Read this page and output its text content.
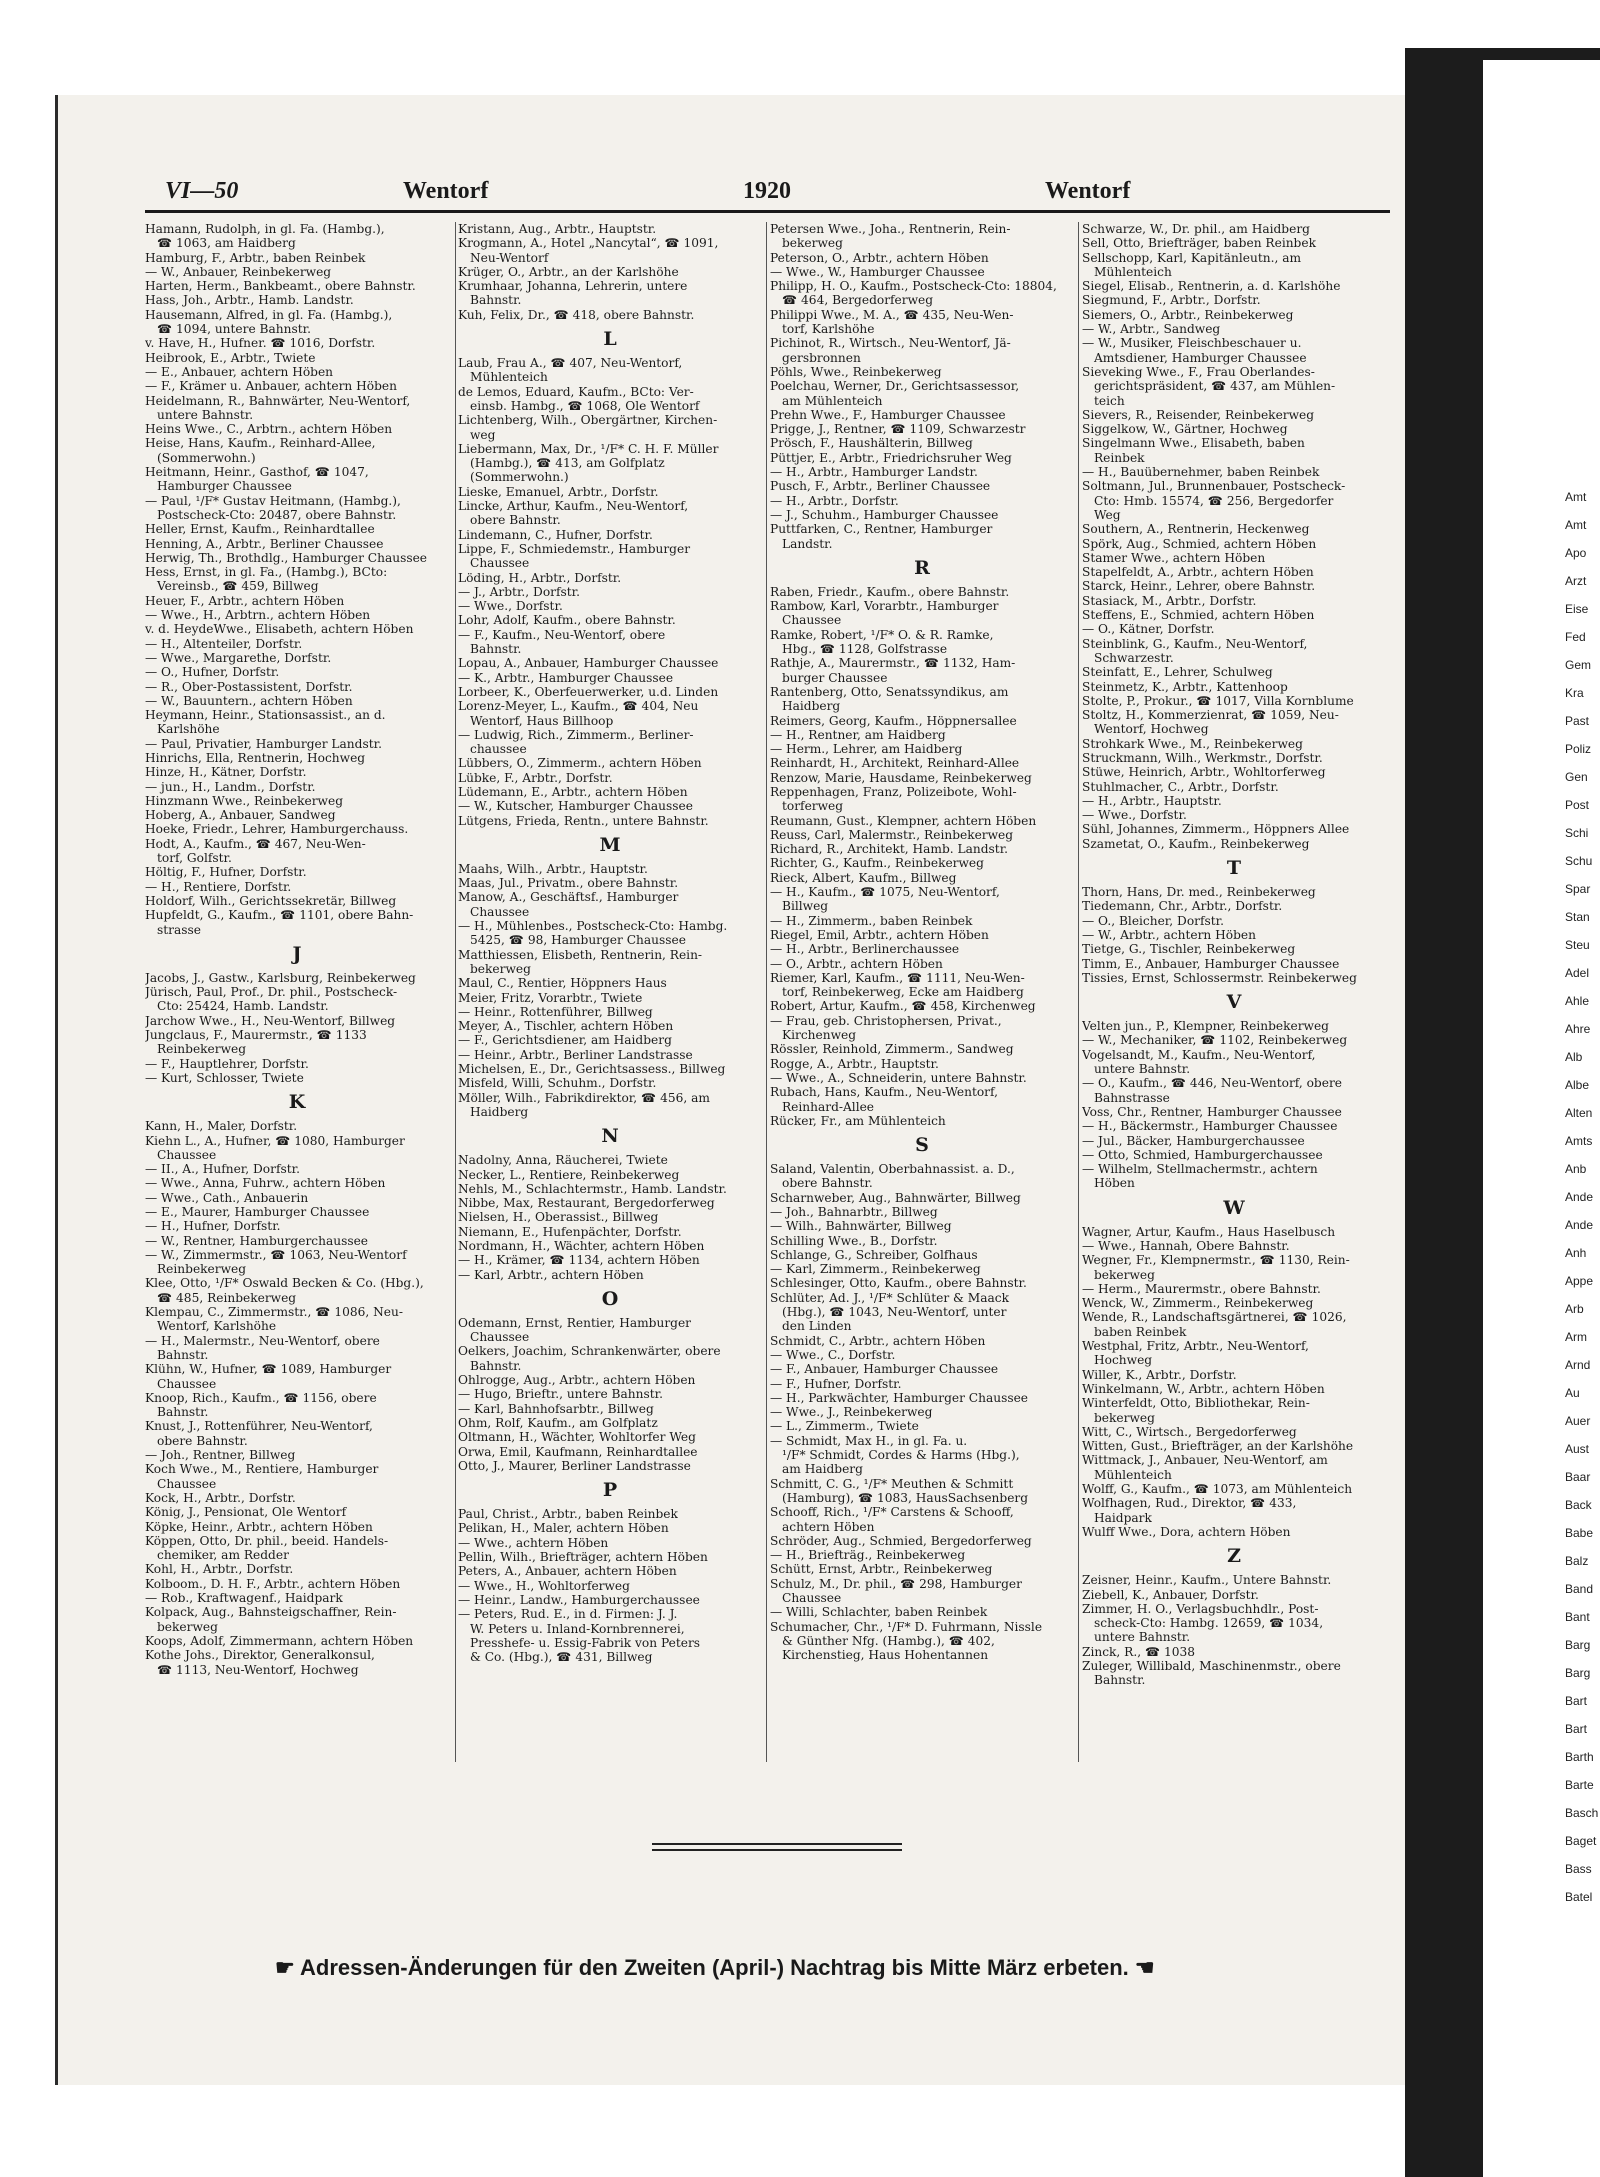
VI—50	Wentorf	1920	Wentorf
Hamann, Rudolph, in gl. Fa. (Hambg.),
☎ 1063, am Haidberg
Hamburg, F., Arbtr., baben Reinbek
— W., Anbauer, Reinbekerweg
Harten, Herm., Bankbeamt., obere Bahnstr.
Hass, Joh., Arbtr., Hamb. Landstr.
Hausemann, Alfred, in gl. Fa. (Hambg.),
☎ 1094, untere Bahnstr.
v. Have, H., Hufner. ☎ 1016, Dorfstr.
Heibrook, E., Arbtr., Twiete
— E., Anbauer, achtern Höben
— F., Krämer u. Anbauer, achtern Höben
Heidelmann, R., Bahnwärter, Neu-Wentorf,
untere Bahnstr.
Heins Wwe., C., Arbtrn., achtern Höben
Heise, Hans, Kaufm., Reinhard-Allee,
(Sommerwohn.)
Heitmann, Heinr., Gasthof, ☎ 1047,
Hamburger Chaussee
— Paul, ¹/F* Gustav Heitmann, (Hambg.),
Postscheck-Cto: 20487, obere Bahnstr.
Heller, Ernst, Kaufm., Reinhardtallee
Henning, A., Arbtr., Berliner Chaussee
Herwig, Th., Brothdlg., Hamburger Chaussee
Hess, Ernst, in gl. Fa., (Hambg.), BCto:
Vereinsb., ☎ 459, Billweg
Heuer, F., Arbtr., achtern Höben
— Wwe., H., Arbtrn., achtern Höben
v. d. HeydeWwe., Elisabeth, achtern Höben
— H., Altenteiler, Dorfstr.
— Wwe., Margarethe, Dorfstr.
— O., Hufner, Dorfstr.
— R., Ober-Postassistent, Dorfstr.
— W., Bauuntern., achtern Höben
Heymann, Heinr., Stationsassist., an d.
Karlshöhe
— Paul, Privatier, Hamburger Landstr.
Hinrichs, Ella, Rentnerin, Hochweg
Hinze, H., Kätner, Dorfstr.
— jun., H., Landm., Dorfstr.
Hinzmann Wwe., Reinbekerweg
Hoberg, A., Anbauer, Sandweg
Hoeke, Friedr., Lehrer, Hamburgerchauss.
Hodt, A., Kaufm., ☎ 467, Neu-Wen-
torf, Golfstr.
Höltig, F., Hufner, Dorfstr.
— H., Rentiere, Dorfstr.
Holdorf, Wilh., Gerichtssekretär, Billweg
Hupfeldt, G., Kaufm., ☎ 1101, obere Bahn-
strasse
J
Jacobs, J., Gastw., Karlsburg, Reinbekerweg
Jürisch, Paul, Prof., Dr. phil., Postscheck-
Cto: 25424, Hamb. Landstr.
Jarchow Wwe., H., Neu-Wentorf, Billweg
Jungclaus, F., Maurermstr., ☎ 1133
Reinbekerweg
— F., Hauptlehrer, Dorfstr.
— Kurt, Schlosser, Twiete
K
Kann, H., Maler, Dorfstr.
Kiehn L., A., Hufner, ☎ 1080, Hamburger
Chaussee
— II., A., Hufner, Dorfstr.
— Wwe., Anna, Fuhrw., achtern Höben
— Wwe., Cath., Anbauerin
— E., Maurer, Hamburger Chaussee
— H., Hufner, Dorfstr.
— W., Rentner, Hamburgerchaussee
— W., Zimmermstr., ☎ 1063, Neu-Wentorf
Reinbekerweg
Klee, Otto, ¹/F* Oswald Becken & Co. (Hbg.),
☎ 485, Reinbekerweg
Klempau, C., Zimmermstr., ☎ 1086, Neu-
Wentorf, Karlshöhe
— H., Malermstr., Neu-Wentorf, obere
Bahnstr.
Klühn, W., Hufner, ☎ 1089, Hamburger
Chaussee
Knoop, Rich., Kaufm., ☎ 1156, obere
Bahnstr.
Knust, J., Rottenführer, Neu-Wentorf,
obere Bahnstr.
— Joh., Rentner, Billweg
Koch Wwe., M., Rentiere, Hamburger
Chaussee
Kock, H., Arbtr., Dorfstr.
König, J., Pensionat, Ole Wentorf
Köpke, Heinr., Arbtr., achtern Höben
Köppen, Otto, Dr. phil., beeid. Handels-
chemiker, am Redder
Kohl, H., Arbtr., Dorfstr.
Kolboom., D. H. F., Arbtr., achtern Höben
— Rob., Kraftwagenf., Haidpark
Kolpack, Aug., Bahnsteigschaffner, Rein-
bekerweg
Koops, Adolf, Zimmermann, achtern Höben
Kothe Johs., Direktor, Generalkonsul,
☎ 1113, Neu-Wentorf, Hochweg
Kristann, Aug., Arbtr., Hauptstr.
Krogmann, A., Hotel „Nancytal“, ☎ 1091,
Neu-Wentorf
Krüger, O., Arbtr., an der Karlshöhe
Krumhaar, Johanna, Lehrerin, untere
Bahnstr.
Kuh, Felix, Dr., ☎ 418, obere Bahnstr.
L
Laub, Frau A., ☎ 407, Neu-Wentorf,
Mühlenteich
de Lemos, Eduard, Kaufm., BCto: Ver-
einsb. Hambg., ☎ 1068, Ole Wentorf
Lichtenberg, Wilh., Obergärtner, Kirchen-
weg
Liebermann, Max, Dr., ¹/F* C. H. F. Müller
(Hambg.), ☎ 413, am Golfplatz
(Sommerwohn.)
Lieske, Emanuel, Arbtr., Dorfstr.
Lincke, Arthur, Kaufm., Neu-Wentorf,
obere Bahnstr.
Lindemann, C., Hufner, Dorfstr.
Lippe, F., Schmiedemstr., Hamburger
Chaussee
Löding, H., Arbtr., Dorfstr.
— J., Arbtr., Dorfstr.
— Wwe., Dorfstr.
Lohr, Adolf, Kaufm., obere Bahnstr.
— F., Kaufm., Neu-Wentorf, obere
Bahnstr.
Lopau, A., Anbauer, Hamburger Chaussee
— K., Arbtr., Hamburger Chaussee
Lorbeer, K., Oberfeuerwerker, u.d. Linden
Lorenz-Meyer, L., Kaufm., ☎ 404, Neu
Wentorf, Haus Billhoop
— Ludwig, Rich., Zimmerm., Berliner-
chaussee
Lübbers, O., Zimmerm., achtern Höben
Lübke, F., Arbtr., Dorfstr.
Lüdemann, E., Arbtr., achtern Höben
— W., Kutscher, Hamburger Chaussee
Lütgens, Frieda, Rentn., untere Bahnstr.
M
Maahs, Wilh., Arbtr., Hauptstr.
Maas, Jul., Privatm., obere Bahnstr.
Manow, A., Geschäftsf., Hamburger
Chaussee
— H., Mühlenbes., Postscheck-Cto: Hambg.
5425, ☎ 98, Hamburger Chaussee
Matthiessen, Elisbeth, Rentnerin, Rein-
bekerweg
Maul, C., Rentier, Höppners Haus
Meier, Fritz, Vorarbtr., Twiete
— Heinr., Rottenführer, Billweg
Meyer, A., Tischler, achtern Höben
— F., Gerichtsdiener, am Haidberg
— Heinr., Arbtr., Berliner Landstrasse
Michelsen, E., Dr., Gerichtsassess., Billweg
Misfeld, Willi, Schuhm., Dorfstr.
Möller, Wilh., Fabrikdirektor, ☎ 456, am
Haidberg
N
Nadolny, Anna, Räucherei, Twiete
Necker, L., Rentiere, Reinbekerweg
Nehls, M., Schlachtermstr., Hamb. Landstr.
Nibbe, Max, Restaurant, Bergedorferweg
Nielsen, H., Oberassist., Billweg
Niemann, E., Hufenpächter, Dorfstr.
Nordmann, H., Wächter, achtern Höben
— H., Krämer, ☎ 1134, achtern Höben
— Karl, Arbtr., achtern Höben
O
Odemann, Ernst, Rentier, Hamburger
Chaussee
Oelkers, Joachim, Schrankenwärter, obere
Bahnstr.
Ohlrogge, Aug., Arbtr., achtern Höben
— Hugo, Brieftr., untere Bahnstr.
— Karl, Bahnhofsarbtr., Billweg
Ohm, Rolf, Kaufm., am Golfplatz
Oltmann, H., Wächter, Wohltorfer Weg
Orwa, Emil, Kaufmann, Reinhardtallee
Otto, J., Maurer, Berliner Landstrasse
P
Paul, Christ., Arbtr., baben Reinbek
Pelikan, H., Maler, achtern Höben
— Wwe., achtern Höben
Pellin, Wilh., Briefträger, achtern Höben
Peters, A., Anbauer, achtern Höben
— Wwe., H., Wohltorferweg
— Heinr., Landw., Hamburgerchaussee
— Peters, Rud. E., in d. Firmen: J. J.
W. Peters u. Inland-Kornbrennerei,
Presshefe- u. Essig-Fabrik von Peters
& Co. (Hbg.), ☎ 431, Billweg
Petersen Wwe., Joha., Rentnerin, Rein-
bekerweg
Peterson, O., Arbtr., achtern Höben
— Wwe., W., Hamburger Chaussee
Philipp, H. O., Kaufm., Postscheck-Cto: 18804,
☎ 464, Bergedorferweg
Philippi Wwe., M. A., ☎ 435, Neu-Wen-
torf, Karlshöhe
Pichinot, R., Wirtsch., Neu-Wentorf, Jä-
gersbronnen
Pöhls, Wwe., Reinbekerweg
Poelchau, Werner, Dr., Gerichtsassessor,
am Mühlenteich
Prehn Wwe., F., Hamburger Chaussee
Prigge, J., Rentner, ☎ 1109, Schwarzestr
Prösch, F., Haushälterin, Billweg
Püttjer, E., Arbtr., Friedrichsruher Weg
— H., Arbtr., Hamburger Landstr.
Pusch, F., Arbtr., Berliner Chaussee
— H., Arbtr., Dorfstr.
— J., Schuhm., Hamburger Chaussee
Puttfarken, C., Rentner, Hamburger
Landstr.
R
Raben, Friedr., Kaufm., obere Bahnstr.
Rambow, Karl, Vorarbtr., Hamburger
Chaussee
Ramke, Robert, ¹/F* O. & R. Ramke,
Hbg., ☎ 1128, Golfstrasse
Rathje, A., Maurermstr., ☎ 1132, Ham-
burger Chaussee
Rantenberg, Otto, Senatssyndikus, am
Haidberg
Reimers, Georg, Kaufm., Höppnersallee
— H., Rentner, am Haidberg
— Herm., Lehrer, am Haidberg
Reinhardt, H., Architekt, Reinhard-Allee
Renzow, Marie, Hausdame, Reinbekerweg
Reppenhagen, Franz, Polizeibote, Wohl-
torferweg
Reumann, Gust., Klempner, achtern Höben
Reuss, Carl, Malermstr., Reinbekerweg
Richard, R., Architekt, Hamb. Landstr.
Richter, G., Kaufm., Reinbekerweg
Rieck, Albert, Kaufm., Billweg
— H., Kaufm., ☎ 1075, Neu-Wentorf,
Billweg
— H., Zimmerm., baben Reinbek
Riegel, Emil, Arbtr., achtern Höben
— H., Arbtr., Berlinerchaussee
— O., Arbtr., achtern Höben
Riemer, Karl, Kaufm., ☎ 1111, Neu-Wen-
torf, Reinbekerweg, Ecke am Haidberg
Robert, Artur, Kaufm., ☎ 458, Kirchenweg
— Frau, geb. Christophersen, Privat.,
Kirchenweg
Rössler, Reinhold, Zimmerm., Sandweg
Rogge, A., Arbtr., Hauptstr.
— Wwe., A., Schneiderin, untere Bahnstr.
Rubach, Hans, Kaufm., Neu-Wentorf,
Reinhard-Allee
Rücker, Fr., am Mühlenteich
S
Saland, Valentin, Oberbahnassist. a. D.,
obere Bahnstr.
Scharnweber, Aug., Bahnwärter, Billweg
— Joh., Bahnarbtr., Billweg
— Wilh., Bahnwärter, Billweg
Schilling Wwe., B., Dorfstr.
Schlange, G., Schreiber, Golfhaus
— Karl, Zimmerm., Reinbekerweg
Schlesinger, Otto, Kaufm., obere Bahnstr.
Schlüter, Ad. J., ¹/F* Schlüter & Maack
(Hbg.), ☎ 1043, Neu-Wentorf, unter
den Linden
Schmidt, C., Arbtr., achtern Höben
— Wwe., C., Dorfstr.
— F., Anbauer, Hamburger Chaussee
— F., Hufner, Dorfstr.
— H., Parkwächter, Hamburger Chaussee
— Wwe., J., Reinbekerweg
— L., Zimmerm., Twiete
— Schmidt, Max H., in gl. Fa. u.
¹/F* Schmidt, Cordes & Harms (Hbg.),
am Haidberg
Schmitt, C. G., ¹/F* Meuthen & Schmitt
(Hamburg), ☎ 1083, HausSachsenberg
Schooff, Rich., ¹/F* Carstens & Schooff,
achtern Höben
Schröder, Aug., Schmied, Bergedorferweg
— H., Briefträg., Reinbekerweg
Schütt, Ernst, Arbtr., Reinbekerweg
Schulz, M., Dr. phil., ☎ 298, Hamburger
Chaussee
— Willi, Schlachter, baben Reinbek
Schumacher, Chr., ¹/F* D. Fuhrmann, Nissle
& Günther Nfg. (Hambg.), ☎ 402,
Kirchenstieg, Haus Hohentannen
Schwarze, W., Dr. phil., am Haidberg
Sell, Otto, Briefträger, baben Reinbek
Sellschopp, Karl, Kapitänleutn., am
Mühlenteich
Siegel, Elisab., Rentnerin, a. d. Karlshöhe
Siegmund, F., Arbtr., Dorfstr.
Siemers, O., Arbtr., Reinbekerweg
— W., Arbtr., Sandweg
— W., Musiker, Fleischbeschauer u.
Amtsdiener, Hamburger Chaussee
Sieveking Wwe., F., Frau Oberlandes-
gerichtspräsident, ☎ 437, am Mühlen-
teich
Sievers, R., Reisender, Reinbekerweg
Siggelkow, W., Gärtner, Hochweg
Singelmann Wwe., Elisabeth, baben
Reinbek
— H., Bauübernehmer, baben Reinbek
Soltmann, Jul., Brunnenbauer, Postscheck-
Cto: Hmb. 15574, ☎ 256, Bergedorfer
Weg
Southern, A., Rentnerin, Heckenweg
Spörk, Aug., Schmied, achtern Höben
Stamer Wwe., achtern Höben
Stapelfeldt, A., Arbtr., achtern Höben
Starck, Heinr., Lehrer, obere Bahnstr.
Stasiack, M., Arbtr., Dorfstr.
Steffens, E., Schmied, achtern Höben
— O., Kätner, Dorfstr.
Steinblink, G., Kaufm., Neu-Wentorf,
Schwarzestr.
Steinfatt, E., Lehrer, Schulweg
Steinmetz, K., Arbtr., Kattenhoop
Stolte, P., Prokur., ☎ 1017, Villa Kornblume
Stoltz, H., Kommerzienrat, ☎ 1059, Neu-
Wentorf, Hochweg
Strohkark Wwe., M., Reinbekerweg
Struckmann, Wilh., Werkmstr., Dorfstr.
Stüwe, Heinrich, Arbtr., Wohltorferweg
Stuhlmacher, C., Arbtr., Dorfstr.
— H., Arbtr., Hauptstr.
— Wwe., Dorfstr.
Sühl, Johannes, Zimmerm., Höppners Allee
Szametat, O., Kaufm., Reinbekerweg
T
Thorn, Hans, Dr. med., Reinbekerweg
Tiedemann, Chr., Arbtr., Dorfstr.
— O., Bleicher, Dorfstr.
— W., Arbtr., achtern Höben
Tietge, G., Tischler, Reinbekerweg
Timm, E., Anbauer, Hamburger Chaussee
Tissies, Ernst, Schlossermstr. Reinbekerweg
V
Velten jun., P., Klempner, Reinbekerweg
— W., Mechaniker, ☎ 1102, Reinbekerweg
Vogelsandt, M., Kaufm., Neu-Wentorf,
untere Bahnstr.
— O., Kaufm., ☎ 446, Neu-Wentorf, obere
Bahnstrasse
Voss, Chr., Rentner, Hamburger Chaussee
— H., Bäckermstr., Hamburger Chaussee
— Jul., Bäcker, Hamburgerchaussee
— Otto, Schmied, Hamburgerchaussee
— Wilhelm, Stellmachermstr., achtern
Höben
W
Wagner, Artur, Kaufm., Haus Haselbusch
— Wwe., Hannah, Obere Bahnstr.
Wegner, Fr., Klempnermstr., ☎ 1130, Rein-
bekerweg
— Herm., Maurermstr., obere Bahnstr.
Wenck, W., Zimmerm., Reinbekerweg
Wende, R., Landschaftsgärtnerei, ☎ 1026,
baben Reinbek
Westphal, Fritz, Arbtr., Neu-Wentorf,
Hochweg
Willer, K., Arbtr., Dorfstr.
Winkelmann, W., Arbtr., achtern Höben
Winterfeldt, Otto, Bibliothekar, Rein-
bekerweg
Witt, C., Wirtsch., Bergedorferweg
Witten, Gust., Briefträger, an der Karlshöhe
Wittmack, J., Anbauer, Neu-Wentorf, am
Mühlenteich
Wolff, G., Kaufm., ☎ 1073, am Mühlenteich
Wolfhagen, Rud., Direktor, ☎ 433,
Haidpark
Wulff Wwe., Dora, achtern Höben
Z
Zeisner, Heinr., Kaufm., Untere Bahnstr.
Ziebell, K., Anbauer, Dorfstr.
Zimmer, H. O., Verlagsbuchhdlr., Post-
scheck-Cto: Hambg. 12659, ☎ 1034,
untere Bahnstr.
Zinck, R., ☎ 1038
Zuleger, Willibald, Maschinenmstr., obere
Bahnstr.
☛ Adressen-Änderungen für den Zweiten (April-) Nachtrag bis Mitte März erbeten. ☚
Amt
Amt
Apo
Arzt
Eise
Fed
Gem
Kra
Past
Poliz
Gen
Post
Schi
Schu
Spar
Stan
Steu
Adel
Ahle
Ahre
Alb
Albe
Alten
Amts
Anb
Ande
Ande
Anh
Appe
Arb
Arm
Arnd
Au
Auer
Aust
Baar
Back
Babe
Balz
Band
Bant
Barg
Barg
Bart
Bart
Barth
Barte
Basch
Baget
Bass
Batel
